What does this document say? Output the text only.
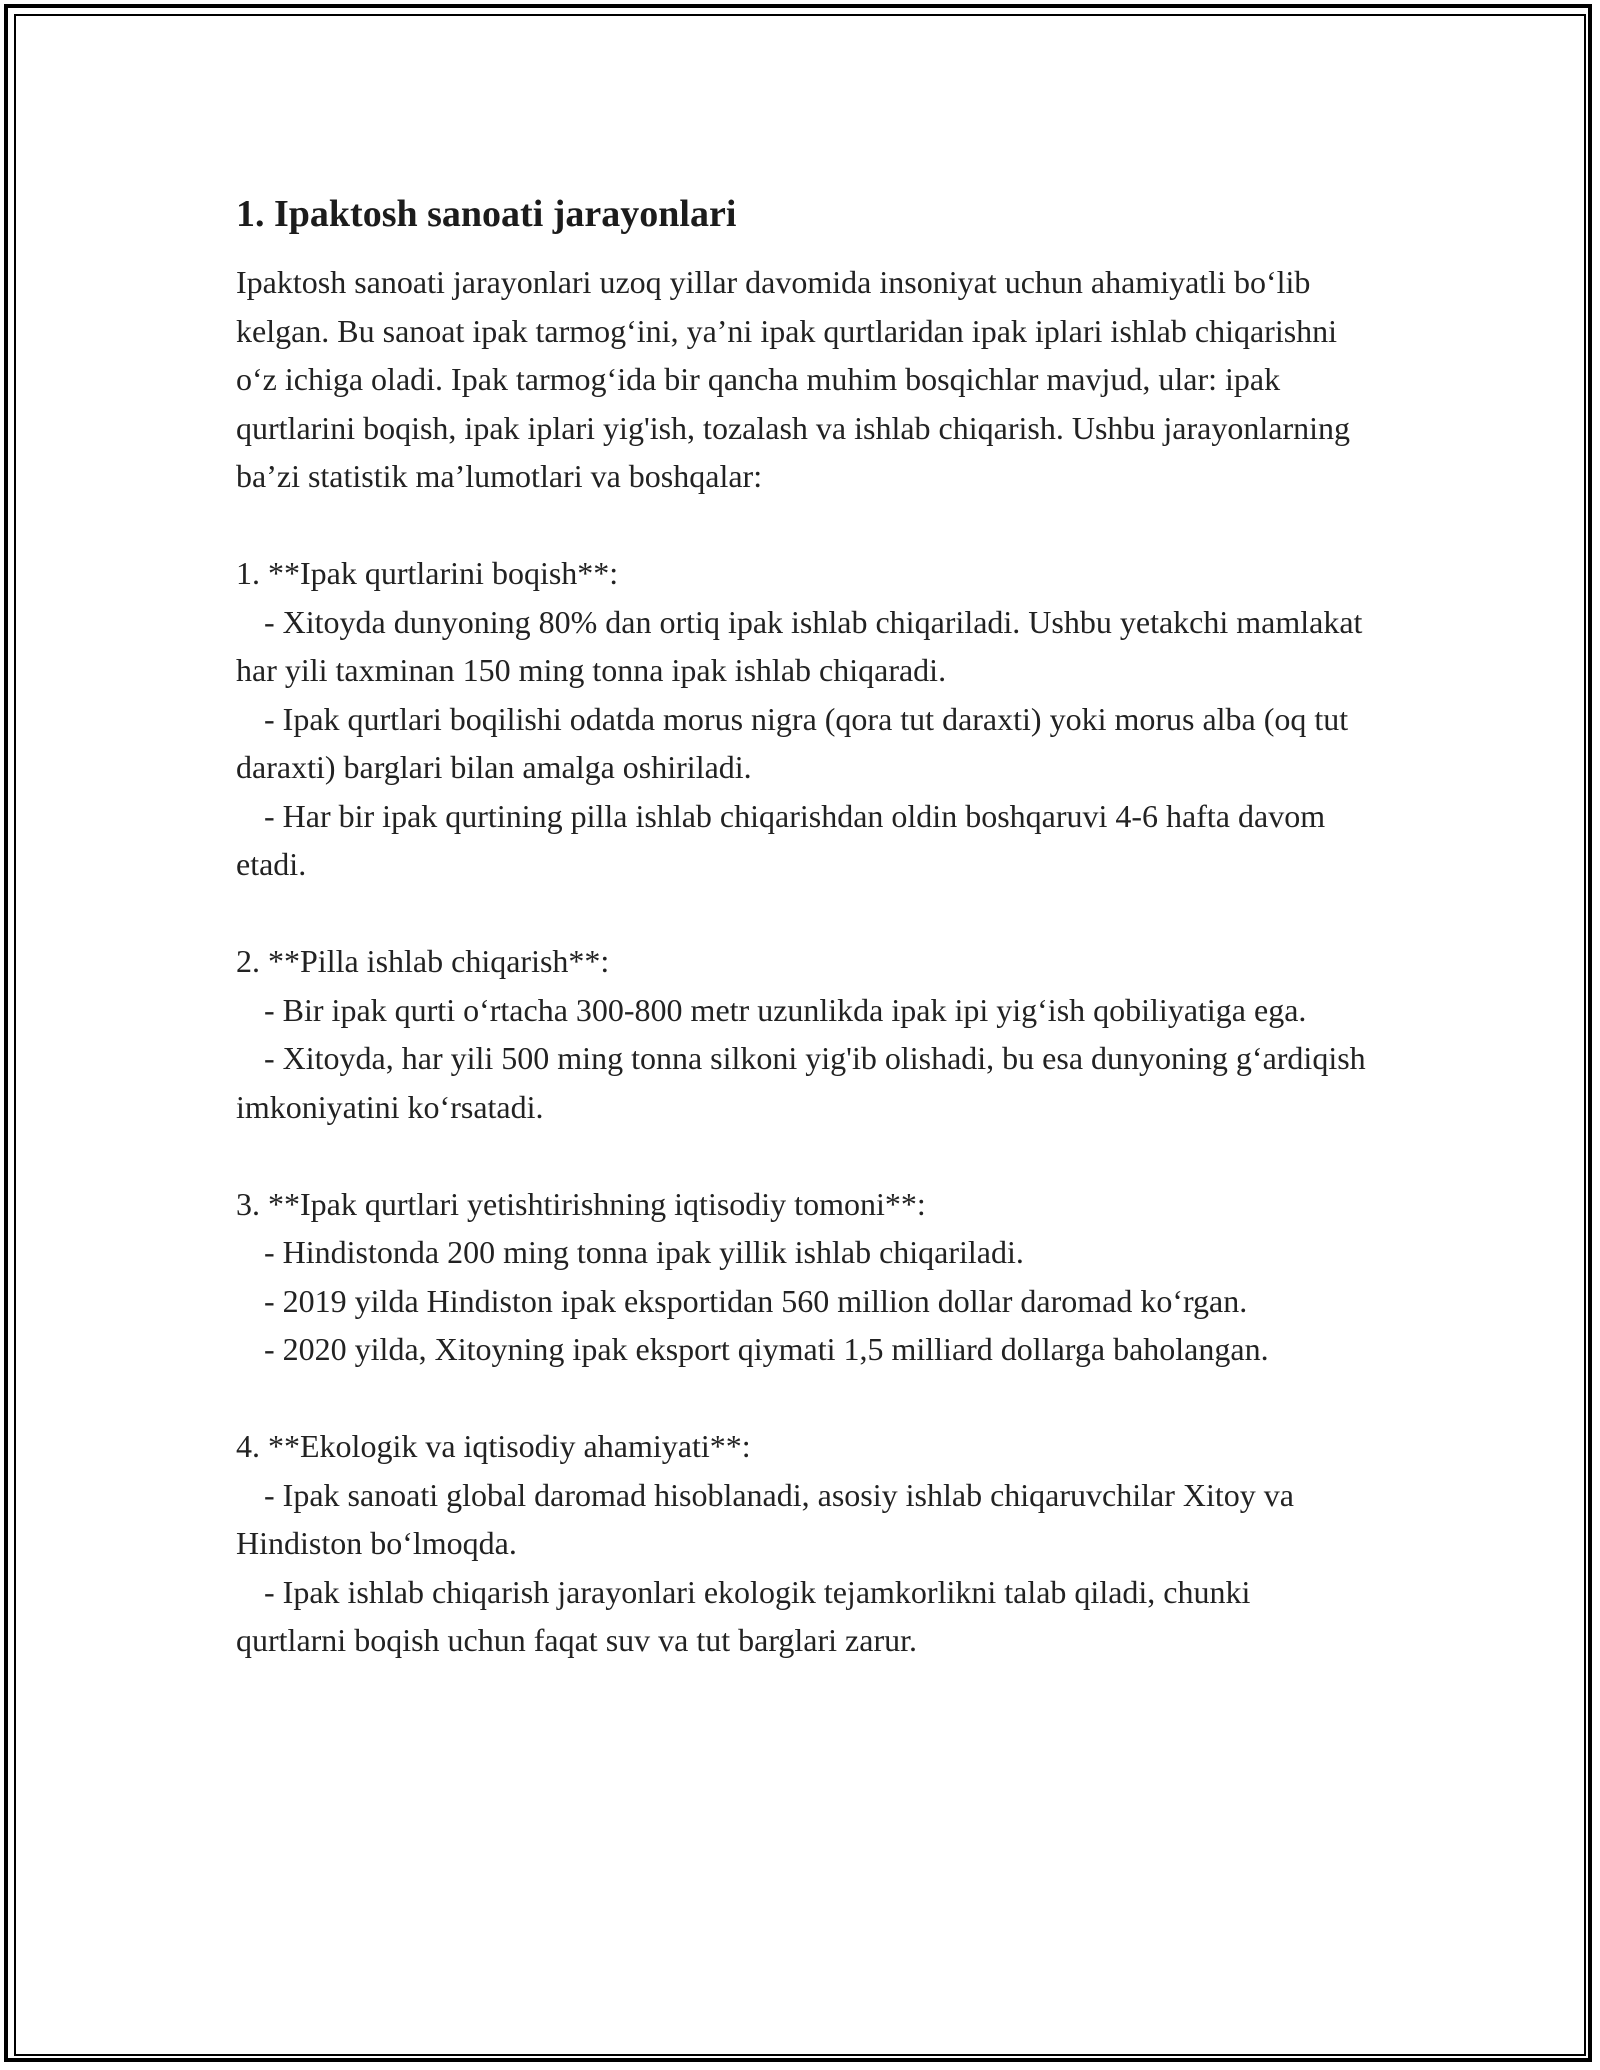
1. Ipaktosh sanoati jarayonlari

Ipaktosh sanoati jarayonlari uzoq yillar davomida insoniyat uchun ahamiyatli bo‘lib kelgan. Bu sanoat ipak tarmog‘ini, ya’ni ipak qurtlaridan ipak iplari ishlab chiqarishni o‘z ichiga oladi. Ipak tarmog‘ida bir qancha muhim bosqichlar mavjud, ular: ipak qurtlarini boqish, ipak iplari yig'ish, tozalash va ishlab chiqarish. Ushbu jarayonlarning ba’zi statistik ma’lumotlari va boshqalar:

1. **Ipak qurtlarini boqish**:

- Xitoyda dunyoning 80% dan ortiq ipak ishlab chiqariladi. Ushbu yetakchi mamlakat har yili taxminan 150 ming tonna ipak ishlab chiqaradi.

- Ipak qurtlari boqilishi odatda morus nigra (qora tut daraxti) yoki morus alba (oq tut daraxti) barglari bilan amalga oshiriladi.

- Har bir ipak qurtining pilla ishlab chiqarishdan oldin boshqaruvi 4-6 hafta davom etadi.

2. **Pilla ishlab chiqarish**:

- Bir ipak qurti o‘rtacha 300-800 metr uzunlikda ipak ipi yig‘ish qobiliyatiga ega.

- Xitoyda, har yili 500 ming tonna silkoni yig'ib olishadi, bu esa dunyoning g‘ardiqish imkoniyatini ko‘rsatadi.

3. **Ipak qurtlari yetishtirishning iqtisodiy tomoni**:

- Hindistonda 200 ming tonna ipak yillik ishlab chiqariladi.

- 2019 yilda Hindiston ipak eksportidan 560 million dollar daromad ko‘rgan.

- 2020 yilda, Xitoyning ipak eksport qiymati 1,5 milliard dollarga baholangan.

4. **Ekologik va iqtisodiy ahamiyati**:

- Ipak sanoati global daromad hisoblanadi, asosiy ishlab chiqaruvchilar Xitoy va Hindiston bo‘lmoqda.

- Ipak ishlab chiqarish jarayonlari ekologik tejamkorlikni talab qiladi, chunki qurtlarni boqish uchun faqat suv va tut barglari zarur.
